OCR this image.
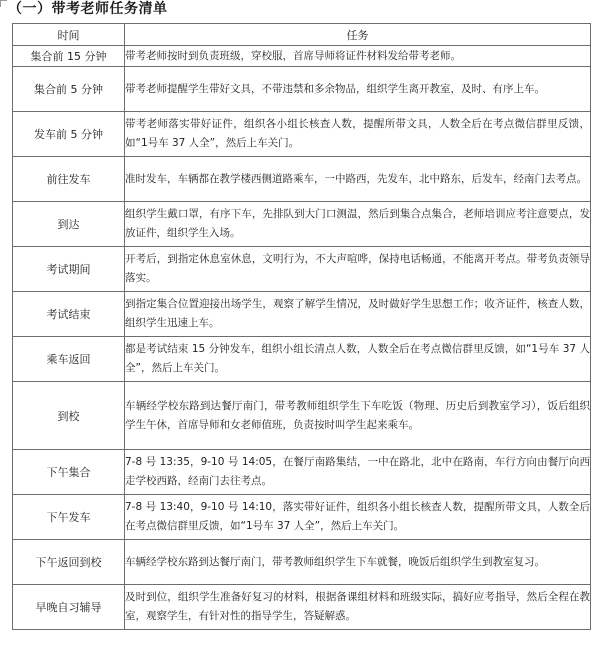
（一）带考老师任务清单
时间	任务
集合前 15 分钟	带考老师按时到负责班级，穿校服，首席导师将证件材料发给带考老师。
集合前 5 分钟	带考老师提醒学生带好文具，不带违禁和多余物品，组织学生离开教室，及时、有序上车。
发车前 5 分钟	带考老师落实带好证件，组织各小组长核查人数，提醒所带文具，人数全后在考点微信群里反馈，如“1号车 37 人全”，然后上车关门。
前往发车	准时发车，车辆都在教学楼西侧道路乘车，一中路西，先发车，北中路东，后发车，经南门去考点。
到达	组织学生戴口罩，有序下车，先排队到大门口测温，然后到集合点集合，老师培训应考注意要点，发放证件，组织学生入场。
考试期间	开考后，到指定休息室休息，文明行为，不大声喧哗，保持电话畅通，不能离开考点。带考负责领导落实。
考试结束	到指定集合位置迎接出场学生，观察了解学生情况，及时做好学生思想工作；收齐证件，核查人数，组织学生迅速上车。
乘车返回	都是考试结束 15 分钟发车，组织小组长清点人数，人数全后在考点微信群里反馈，如“1号车 37 人全”，然后上车关门。
到校	车辆经学校东路到达餐厅南门，带考教师组织学生下车吃饭（物理、历史后到教室学习），饭后组织学生午休，首席导师和女老师值班，负责按时叫学生起来乘车。
下午集合	7-8 号 13:35，9-10 号 14:05，在餐厅南路集结，一中在路北，北中在路南，车行方向由餐厅向西走学校西路，经南门去往考点。
下午发车	7-8 号 13:40，9-10 号 14:10，落实带好证件，组织各小组长核查人数，提醒所带文具，人数全后在考点微信群里反馈，如“1号车 37 人全”，然后上车关门。
下午返回到校	车辆经学校东路到达餐厅南门，带考教师组织学生下车就餐，晚饭后组织学生到教室复习。
早晚自习辅导	及时到位，组织学生准备好复习的材料，根据备课组材料和班级实际，搞好应考指导，然后全程在教室，观察学生，有针对性的指导学生，答疑解惑。
